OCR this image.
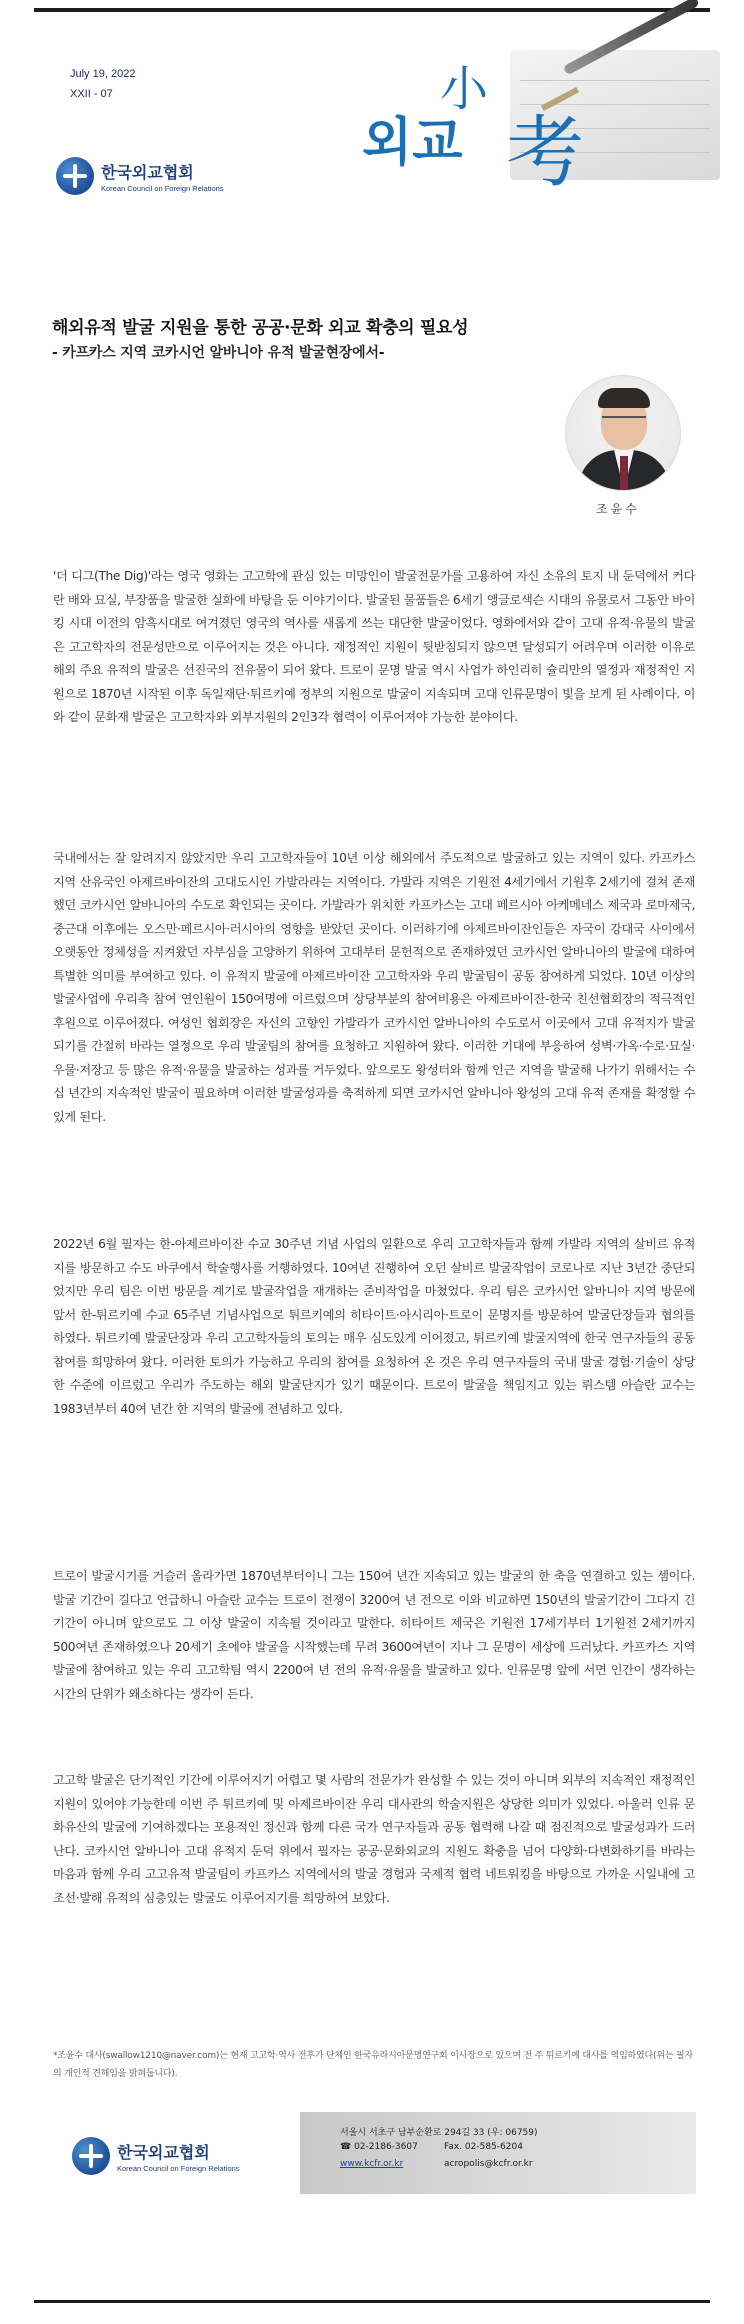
July 19, 2022
XXII - 07
외교
小
考
한국외교협회
Korean Council on Foreign Relations
해외유적 발굴 지원을 통한 공공·문화 외교 확충의 필요성
- 카프카스 지역 코카시언 알바니아 유적 발굴현장에서-
조윤수

'더 디그(The Dig)'라는 영국 영화는 고고학에 관심 있는 미망인이 발굴전문가를 고용하여 자신 소유의 토지 내 둔덕에서 커다란 배와 묘실, 부장품을 발굴한 실화에 바탕을 둔 이야기이다. 발굴된 물품들은 6세기 앵글로색슨 시대의 유물로서 그동안 바이킹 시대 이전의 암흑시대로 여겨졌던 영국의 역사를 새롭게 쓰는 대단한 발굴이었다. 영화에서와 같이 고대 유적·유물의 발굴은 고고학자의 전문성만으로 이루어지는 것은 아니다. 재정적인 지원이 뒷받침되지 않으면 달성되기 어려우며 이러한 이유로 해외 주요 유적의 발굴은 선진국의 전유물이 되어 왔다. 트로이 문명 발굴 역시 사업가 하인리히 슐리만의 열정과 재정적인 지원으로 1870년 시작된 이후 독일재단·튀르키예 정부의 지원으로 발굴이 지속되며 고대 인류문명이 빛을 보게 된 사례이다. 이와 같이 문화재 발굴은 고고학자와 외부지원의 2인3각 협력이 이루어져야 가능한 분야이다.

국내에서는 잘 알려지지 않았지만 우리 고고학자들이 10년 이상 해외에서 주도적으로 발굴하고 있는 지역이 있다. 카프카스 지역 산유국인 아제르바이잔의 고대도시인 가발라라는 지역이다. 가발라 지역은 기원전 4세기에서 기원후 2세기에 걸쳐 존재했던 코카시언 알바니아의 수도로 확인되는 곳이다. 가발라가 위치한 카프카스는 고대 페르시아 아케메네스 제국과 로마제국, 중근대 이후에는 오스만·페르시아·러시아의 영향을 받았던 곳이다. 이러하기에 아제르바이잔인들은 자국이 강대국 사이에서 오랫동안 정체성을 지켜왔던 자부심을 고양하기 위하여 고대부터 문헌적으로 존재하였던 코카시언 알바니아의 발굴에 대하여 특별한 의미를 부여하고 있다. 이 유적지 발굴에 아제르바이잔 고고학자와 우리 발굴팀이 공동 참여하게 되었다. 10년 이상의 발굴사업에 우리측 참여 연인원이 150여명에 이르렀으며 상당부분의 참여비용은 아제르바이잔-한국 친선협회장의 적극적인 후원으로 이루어졌다. 여성인 협회장은 자신의 고향인 가발라가 코카시언 알바니아의 수도로서 이곳에서 고대 유적지가 발굴되기를 간절히 바라는 열정으로 우리 발굴팀의 참여를 요청하고 지원하여 왔다. 이러한 기대에 부응하여 성벽·가옥·수로·묘실·우물·저장고 등 많은 유적·유물을 발굴하는 성과를 거두었다. 앞으로도 왕성터와 함께 인근 지역을 발굴해 나가기 위해서는 수십 년간의 지속적인 발굴이 필요하며 이러한 발굴성과를 축적하게 되면 코카시언 알바니아 왕성의 고대 유적 존재를 확정할 수 있게 된다.

2022년 6월 필자는 한-아제르바이잔 수교 30주년 기념 사업의 일환으로 우리 고고학자들과 함께 가발라 지역의 살비르 유적지를 방문하고 수도 바쿠에서 학술행사를 거행하였다. 10여년 진행하여 오던 살비르 발굴작업이 코로나로 지난 3년간 중단되었지만 우리 팀은 이번 방문을 계기로 발굴작업을 재개하는 준비작업을 마쳤었다. 우리 팀은 코카시언 알바니아 지역 방문에 앞서 한-튀르키예 수교 65주년 기념사업으로 튀르키예의 히타이트·아시리아·트로이 문명지를 방문하여 발굴단장들과 협의를 하였다. 튀르키예 발굴단장과 우리 고고학자들의 토의는 매우 심도있게 이어졌고, 튀르키예 발굴지역에 한국 연구자들의 공동참여를 희망하여 왔다. 이러한 토의가 가능하고 우리의 참여를 요청하여 온 것은 우리 연구자들의 국내 발굴 경험·기술이 상당한 수준에 이르렀고 우리가 주도하는 해외 발굴단지가 있기 때문이다. 트로이 발굴을 책임지고 있는 뤼스템 아슬란 교수는 1983년부터 40여 년간 한 지역의 발굴에 전념하고 있다.

트로이 발굴시기를 거슬러 올라가면 1870년부터이니 그는 150여 년간 지속되고 있는 발굴의 한 축을 연결하고 있는 셈이다. 발굴 기간이 길다고 언급하니 아슬란 교수는 트로이 전쟁이 3200여 년 전으로 이와 비교하면 150년의 발굴기간이 그다지 긴 기간이 아니며 앞으로도 그 이상 발굴이 지속될 것이라고 말한다. 히타이트 제국은 기원전 17세기부터 1기원전 2세기까지 500여년 존재하였으나 20세기 초에야 발굴을 시작했는데 무려 3600여년이 지나 그 문명이 세상에 드러났다. 카프카스 지역 발굴에 참여하고 있는 우리 고고학팀 역시 2200여 년 전의 유적·유물을 발굴하고 있다. 인류문명 앞에 서면 인간이 생각하는 시간의 단위가 왜소하다는 생각이 든다.

고고학 발굴은 단기적인 기간에 이루어지기 어렵고 몇 사람의 전문가가 완성할 수 있는 것이 아니며 외부의 지속적인 재정적인 지원이 있어야 가능한데 이번 주 튀르키예 및 아제르바이잔 우리 대사관의 학술지원은 상당한 의미가 있었다. 아울러 인류 문화유산의 발굴에 기여하겠다는 포용적인 정신과 함께 다른 국가 연구자들과 공동 협력해 나갈 때 점진적으로 발굴성과가 드러난다. 코카시언 알바니아 고대 유적지 둔덕 위에서 필자는 공공·문화외교의 지원도 확충을 넘어 다양화·다변화하기를 바라는 마음과 함께 우리 고고유적 발굴팀이 카프카스 지역에서의 발굴 경험과 국제적 협력 네트워킹을 바탕으로 가까운 시일내에 고조선·발해 유적의 심층있는 발굴도 이루어지기를 희망하여 보았다.

*조윤수 대사(swallow1210@naver.com)는 현재 고고학·역사 전후가 단체인 한국유라시아문명연구회 이사장으로 있으며 전 주 튀르키예 대사를 역임하였다(위는 필자의 개인적 견해임을 밝혀둡니다).

한국외교협회
Korean Council on Foreign Relations
서울시 서초구 남부순환로 294길 33 (우: 06759)
☎ 02-2186-3607	Fax. 02-585-6204
www.kcfr.or.kr	acropolis@kcfr.or.kr
